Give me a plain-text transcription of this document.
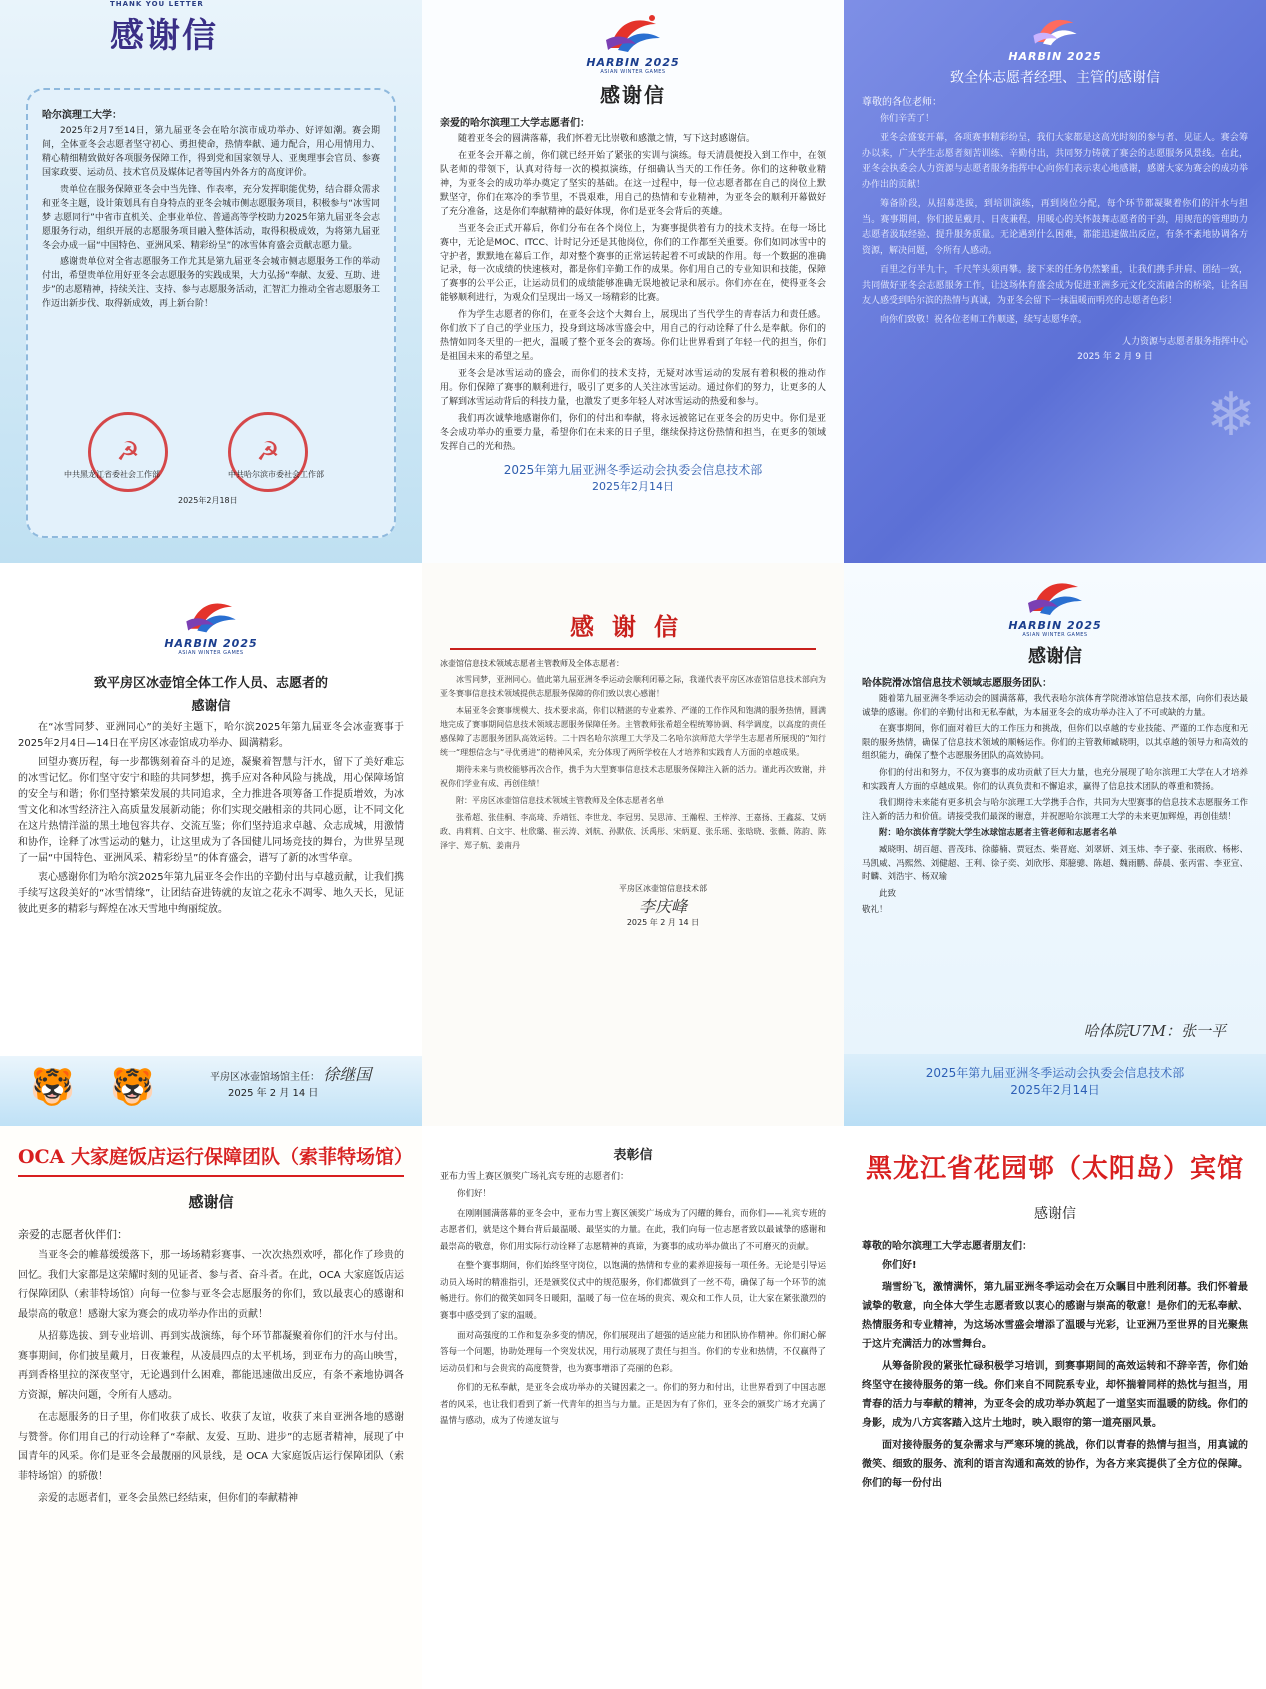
THANK YOU LETTER
感谢信
哈尔滨理工大学：

2025年2月7至14日，第九届亚冬会在哈尔滨市成功举办、好评如潮。赛会期间，全体亚冬会志愿者坚守初心、勇担使命，热情奉献、通力配合，用心用情用力、精心精细精致做好各项服务保障工作，得到党和国家领导人、亚奥理事会官员、参赛国家政要、运动员、技术官员及媒体记者等国内外各方的高度评价。

贵单位在服务保障亚冬会中当先锋、作表率，充分发挥职能优势，结合群众需求和亚冬主题，设计策划具有自身特点的亚冬会城市侧志愿服务项目，积极参与“冰雪同梦 志愿同行”中省市直机关、企事业单位、普通高等学校助力2025年第九届亚冬会志愿服务行动，组织开展的志愿服务项目融入整体活动，取得积极成效，为将第九届亚冬会办成一届“中国特色、亚洲风采、精彩纷呈”的冰雪体育盛会贡献志愿力量。

感谢贵单位对全省志愿服务工作尤其是第九届亚冬会城市侧志愿服务工作的举动付出，希望贵单位用好亚冬会志愿服务的实践成果，大力弘扬“奉献、友爱、互助、进步”的志愿精神，持续关注、支持、参与志愿服务活动，汇智汇力推动全省志愿服务工作迈出新步伐、取得新成效，再上新台阶！

☭	☭
中共黑龙江省委社会工作部	中共哈尔滨市委社会工作部
2025年2月18日
HARBIN 2025
ASIAN WINTER GAMES
感谢信
亲爱的哈尔滨理工大学志愿者们：

随着亚冬会的圆满落幕，我们怀着无比崇敬和感激之情，写下这封感谢信。

在亚冬会开幕之前，你们就已经开始了紧张的实训与演练。每天清晨便投入到工作中，在领队老师的带领下，认真对待每一次的模拟演练，仔细确认当天的工作任务。你们的这种敬业精神，为亚冬会的成功举办奠定了坚实的基础。在这一过程中，每一位志愿者都在自己的岗位上默默坚守，你们在寒冷的季节里，不畏艰难，用自己的热情和专业精神，为亚冬会的顺利开幕做好了充分准备，这是你们奉献精神的最好体现，你们是亚冬会背后的英雄。

当亚冬会正式开幕后，你们分布在各个岗位上，为赛事提供着有力的技术支持。在每一场比赛中，无论是MOC、ITCC、计时记分还是其他岗位，你们的工作都至关重要。你们如同冰雪中的守护者，默默地在幕后工作，却对整个赛事的正常运转起着不可或缺的作用。每一个数据的准确记录，每一次成绩的快速核对，都是你们辛勤工作的成果。你们用自己的专业知识和技能，保障了赛事的公平公正，让运动员们的成绩能够准确无误地被记录和展示。你们亦在在，使得亚冬会能够顺利进行，为观众们呈现出一场又一场精彩的比赛。

作为学生志愿者的你们，在亚冬会这个大舞台上，展现出了当代学生的青春活力和责任感。你们放下了自己的学业压力，投身到这场冰雪盛会中，用自己的行动诠释了什么是奉献。你们的热情如同冬天里的一把火，温暖了整个亚冬会的赛场。你们让世界看到了年轻一代的担当，你们是祖国未来的希望之星。

亚冬会是冰雪运动的盛会，而你们的技术支持，无疑对冰雪运动的发展有着积极的推动作用。你们保障了赛事的顺利进行，吸引了更多的人关注冰雪运动。通过你们的努力，让更多的人了解到冰雪运动背后的科技力量，也激发了更多年轻人对冰雪运动的热爱和参与。

我们再次诚挚地感谢你们，你们的付出和奉献，将永远被铭记在亚冬会的历史中。你们是亚冬会成功举办的重要力量，希望你们在未来的日子里，继续保持这份热情和担当，在更多的领域发挥自己的光和热。

2025年第九届亚洲冬季运动会执委会信息技术部
2025年2月14日
HARBIN 2025
致全体志愿者经理、主管的感谢信
尊敬的各位老师：

你们辛苦了！

亚冬会盛宴开幕，各项赛事精彩纷呈，我们大家都是这高光时刻的参与者、见证人。赛会筹办以来，广大学生志愿者刻苦训练、辛勤付出，共同努力铸就了赛会的志愿服务风景线。在此，亚冬会执委会人力资源与志愿者服务指挥中心向你们表示衷心地感谢，感谢大家为赛会的成功举办作出的贡献！

筹备阶段，从招募选拔，到培训演练，再到岗位分配，每个环节都凝聚着你们的汗水与担当。赛事期间，你们披星戴月、日夜兼程，用暖心的关怀鼓舞志愿者的干劲，用规范的管理助力志愿者汲取经验、提升服务质量。无论遇到什么困难，都能迅速做出反应，有条不紊地协调各方资源，解决问题，令所有人感动。

百里之行半九十，千尺竿头须再攀。接下来的任务仍然繁重，让我们携手并肩、团结一致，共同做好亚冬会志愿服务工作，让这场体育盛会成为促进亚洲多元文化交流融合的桥梁，让各国友人感受到哈尔滨的热情与真诚，为亚冬会留下一抹温暖而明亮的志愿者色彩！

向你们致敬！祝各位老师工作顺遂，续写志愿华章。

人力资源与志愿者服务指挥中心
2025 年 2 月 9 日
❄
HARBIN 2025
ASIAN WINTER GAMES
致平房区冰壶馆全体工作人员、志愿者的
感谢信

在“冰雪同梦、亚洲同心”的美好主题下，哈尔滨2025年第九届亚冬会冰壶赛事于2025年2月4日—14日在平房区冰壶馆成功举办、圆满精彩。

回望办赛历程，每一步都镌刻着奋斗的足迹，凝聚着智慧与汗水，留下了美好难忘的冰雪记忆。你们坚守安宁和睦的共同梦想，携手应对各种风险与挑战，用心保障场馆的安全与和谐；你们坚持繁荣发展的共同追求，全力推进各项筹备工作提质增效，为冰雪文化和冰雪经济注入高质量发展新动能；你们实现交融相亲的共同心愿，让不同文化在这片热情洋溢的黑土地包容共存、交流互鉴；你们坚持追求卓越、众志成城，用激情和协作，诠释了冰雪运动的魅力，让这里成为了各国健儿同场竞技的舞台，为世界呈现了一届“中国特色、亚洲风采、精彩纷呈”的体育盛会，谱写了新的冰雪华章。

衷心感谢你们为哈尔滨2025年第九届亚冬会作出的辛勤付出与卓越贡献，让我们携手续写这段美好的“冰雪情缘”，让团结奋进铸就的友谊之花永不凋零、地久天长，见证彼此更多的精彩与辉煌在冰天雪地中绚丽绽放。

🐯 🐯	平房区冰壶馆场馆主任： 徐继国
2025 年 2 月 14 日
感谢信
冰壶馆信息技术领域志愿者主管教师及全体志愿者：

冰雪同梦，亚洲同心。值此第九届亚洲冬季运动会顺利闭幕之际，我谨代表平房区冰壶馆信息技术部向为亚冬赛事信息技术领域提供志愿服务保障的你们致以衷心感谢！

本届亚冬会赛事规模大、技术要求高，你们以精湛的专业素养、严谨的工作作风和饱满的服务热情，圆满地完成了赛事期间信息技术领域志愿服务保障任务。主管教师张希超全程统筹协调、科学调度，以高度的责任感保障了志愿服务团队高效运转。二十四名哈尔滨理工大学及二名哈尔滨师范大学学生志愿者所展现的“知行统一“理想信念与“寻优勇进”的精神风采，充分体现了两所学校在人才培养和实践育人方面的卓越成果。

期待未来与贵校能够再次合作，携手为大型赛事信息技术志愿服务保障注入新的活力。谨此再次致谢，并祝你们学业有成、再创佳绩！

附：平房区冰壶馆信息技术领域主管教师及全体志愿者名单

张希超、张佳桐、李高琦、乔靖钰、李世龙、李冠男、吴思沛、王瀚程、王梓淳、王嘉扬、王鑫蕊、艾炳政、冉莉莉、白文宇、杜欣璐、崔云涛、刘航、孙默依、沃禹彤、宋炳夏、张乐瑶、张晗晓、张薇、陈韵、陈泽宇、郑子航、姜南丹

平房区冰壶馆信息技术部
李庆峰
2025 年 2 月 14 日
HARBIN 2025
ASIAN WINTER GAMES
感谢信
哈体院滑冰馆信息技术领域志愿服务团队：

随着第九届亚洲冬季运动会的圆满落幕，我代表哈尔滨体育学院滑冰馆信息技术部，向你们表达最诚挚的感谢。你们的辛勤付出和无私奉献，为本届亚冬会的成功举办注入了不可或缺的力量。

在赛事期间，你们面对着巨大的工作压力和挑战，但你们以卓越的专业技能、严谨的工作态度和无限的服务热情，确保了信息技术领域的顺畅运作。你们的主管教师臧晓明，以其卓越的领导力和高效的组织能力，确保了整个志愿服务团队的高效协同。

你们的付出和努力，不仅为赛事的成功贡献了巨大力量，也充分展现了哈尔滨理工大学在人才培养和实践育人方面的卓越成果。你们的认真负责和不懈追求，赢得了信息技术团队的尊重和赞扬。

我们期待未来能有更多机会与哈尔滨理工大学携手合作，共同为大型赛事的信息技术志愿服务工作注入新的活力和价值。请接受我们最深的谢意，并祝愿哈尔滨理工大学的未来更加辉煌，再创佳绩！

附：哈尔滨体育学院大学生冰球馆志愿者主管老师和志愿者名单

臧晓明、胡百超、晋茂玮、徐藤楠、贾冠杰、柴晋庭、刘翠妍、刘玉炜、李子豪、张雨欣、杨彬、马凯威、冯熙然、刘健超、王利、徐子奕、刘欣彤、郑臆骢、陈超、魏雨鹏、薛晨、张丙雷、李亚宣、时麟、刘浩宇、杨双瑜

此致

敬礼！

哈体院U7M：张一平
2025年第九届亚洲冬季运动会执委会信息技术部
2025年2月14日
OCA 大家庭饭店运行保障团队（索菲特场馆）
感谢信
亲爱的志愿者伙伴们：

当亚冬会的帷幕缓缓落下，那一场场精彩赛事、一次次热烈欢呼，都化作了珍贵的回忆。我们大家都是这荣耀时刻的见证者、参与者、奋斗者。在此，OCA 大家庭饭店运行保障团队（索菲特场馆）向每一位参与亚冬会志愿服务的你们，致以最衷心的感谢和最崇高的敬意！感谢大家为赛会的成功举办作出的贡献！

从招募选拔、到专业培训、再到实战演练，每个环节都凝聚着你们的汗水与付出。赛事期间，你们披星戴月，日夜兼程，从凌晨四点的太平机场，到亚布力的高山映雪，再到香格里拉的深夜坚守，无论遇到什么困难，都能迅速做出反应，有条不紊地协调各方资源，解决问题，令所有人感动。

在志愿服务的日子里，你们收获了成长、收获了友谊，收获了来自亚洲各地的感谢与赞誉。你们用自己的行动诠释了“奉献、友爱、互助、进步”的志愿者精神，展现了中国青年的风采。你们是亚冬会最靓丽的风景线，是 OCA 大家庭饭店运行保障团队（索菲特场馆）的骄傲！

亲爱的志愿者们，亚冬会虽然已经结束，但你们的奉献精神

表彰信
亚布力雪上赛区颁奖广场礼宾专班的志愿者们：

你们好！

在刚刚圆满落幕的亚冬会中，亚布力雪上赛区颁奖广场成为了闪耀的舞台，而你们——礼宾专班的志愿者们，就是这个舞台背后最温暖、最坚实的力量。在此，我们向每一位志愿者致以最诚挚的感谢和最崇高的敬意，你们用实际行动诠释了志愿精神的真谛，为赛事的成功举办做出了不可磨灭的贡献。

在整个赛事期间，你们始终坚守岗位，以饱满的热情和专业的素养迎接每一项任务。无论是引导运动员入场时的精准指引，还是颁奖仪式中的规范服务，你们都做到了一丝不苟，确保了每一个环节的流畅进行。你们的微笑如同冬日暖阳，温暖了每一位在场的贵宾、观众和工作人员，让大家在紧张激烈的赛事中感受到了家的温暖。

面对高强度的工作和复杂多变的情况，你们展现出了超强的适应能力和团队协作精神。你们耐心解答每一个问题，协助处理每一个突发状况，用行动展现了责任与担当。你们的专业和热情，不仅赢得了运动员们和与会贵宾的高度赞誉，也为赛事增添了亮丽的色彩。

你们的无私奉献，是亚冬会成功举办的关键因素之一。你们的努力和付出，让世界看到了中国志愿者的风采，也让我们看到了新一代青年的担当与力量。正是因为有了你们，亚冬会的颁奖广场才充满了温情与感动，成为了传递友谊与

黑龙江省花园邨（太阳岛）宾馆
感谢信
尊敬的哈尔滨理工大学志愿者朋友们：

你们好!

瑞雪纷飞，激情满怀，第九届亚洲冬季运动会在万众瞩目中胜利闭幕。我们怀着最诚挚的敬意，向全体大学生志愿者致以衷心的感谢与崇高的敬意！是你们的无私奉献、热情服务和专业精神，为这场冰雪盛会增添了温暖与光彩，让亚洲乃至世界的目光聚焦于这片充满活力的冰雪舞台。

从筹备阶段的紧张忙碌积极学习培训，到赛事期间的高效运转和不辞辛苦，你们始终坚守在接待服务的第一线。你们来自不同院系专业，却怀揣着同样的热忱与担当，用青春的活力与奉献的精神，为亚冬会的成功举办筑起了一道坚实而温暖的防线。你们的身影，成为八方宾客踏入这片土地时，映入眼帘的第一道亮丽风景。

面对接待服务的复杂需求与严寒环境的挑战，你们以青春的热情与担当，用真诚的微笑、细致的服务、流利的语言沟通和高效的协作，为各方来宾提供了全方位的保障。你们的每一份付出
